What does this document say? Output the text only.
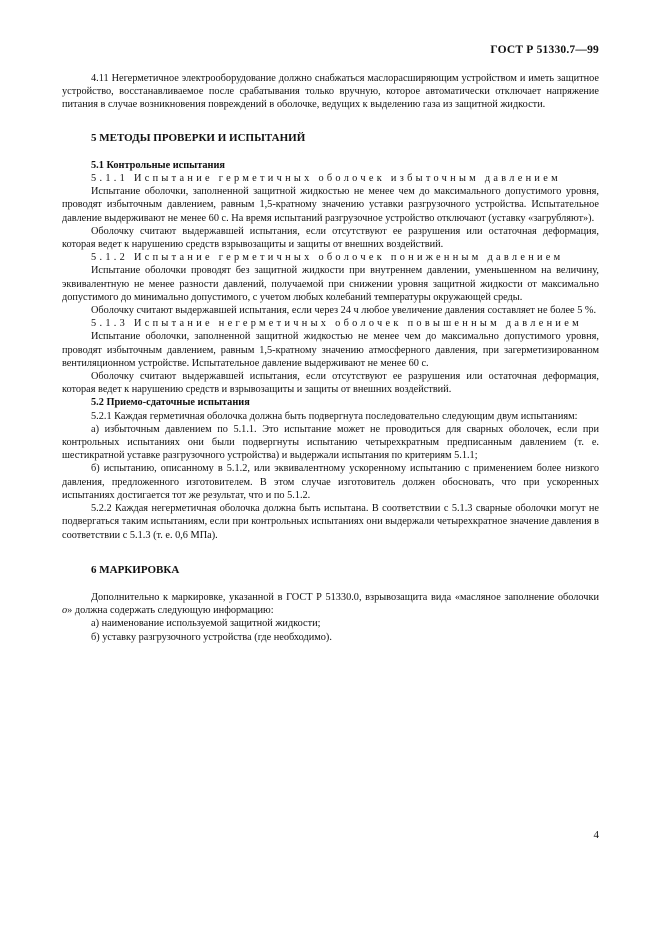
ГОСТ Р 51330.7—99

4.11 Негерметичное электрооборудование должно снабжаться маслорасширяющим устройством и иметь защитное устройство, восстанавливаемое после срабатывания только вручную, которое автоматически отключает напряжение питания в случае возникновения повреждений в оболочке, ведущих к выделению газа из защитной жидкости.

5 МЕТОДЫ ПРОВЕРКИ И ИСПЫТАНИЙ
5.1 Контрольные испытания

5.1.1 Испытание герметичных оболочек избыточным давлением

Испытание оболочки, заполненной защитной жидкостью не менее чем до максимального допустимого уровня, проводят избыточным давлением, равным 1,5-кратному значению уставки разгрузочного устройства. Испытательное давление выдерживают не менее 60 с. На время испытаний разгрузочное устройство отключают (уставку «загрубляют»).

Оболочку считают выдержавшей испытания, если отсутствуют ее разрушения или остаточная деформация, которая ведет к нарушению средств взрывозащиты и защиты от внешних воздействий.

5.1.2 Испытание герметичных оболочек пониженным давлением

Испытание оболочки проводят без защитной жидкости при внутреннем давлении, уменьшенном на величину, эквивалентную не менее разности давлений, получаемой при снижении уровня защитной жидкости от максимально допустимого до минимально допустимого, с учетом любых колебаний температуры окружающей среды.

Оболочку считают выдержавшей испытания, если через 24 ч любое увеличение давления составляет не более 5 %.

5.1.3 Испытание негерметичных оболочек повышенным давлением

Испытание оболочки, заполненной защитной жидкостью не менее чем до максимально допустимого уровня, проводят избыточным давлением, равным 1,5-кратному значению атмосферного давления, при загерметизированном вентиляционном устройстве. Испытательное давление выдерживают не менее 60 с.

Оболочку считают выдержавшей испытания, если отсутствуют ее разрушения или остаточная деформация, которая ведет к нарушению средств и взрывозащиты и защиты от внешних воздействий.

5.2 Приемо-сдаточные испытания

5.2.1 Каждая герметичная оболочка должна быть подвергнута последовательно следующим двум испытаниям:

а) избыточным давлением по 5.1.1. Это испытание может не проводиться для сварных оболочек, если при контрольных испытаниях они были подвергнуты испытанию четырехкратным предписанным давлением (т. е. шестикратной уставке разгрузочного устройства) и выдержали испытания по критериям 5.1.1;

б) испытанию, описанному в 5.1.2, или эквивалентному ускоренному испытанию с применением более низкого давления, предложенного изготовителем. В этом случае изготовитель должен обосновать, что при ускоренных испытаниях достигается тот же результат, что и по 5.1.2.

5.2.2 Каждая негерметичная оболочка должна быть испытана. В соответствии с 5.1.3 сварные оболочки могут не подвергаться таким испытаниям, если при контрольных испытаниях они выдержали четырехкратное значение давления в соответствии с 5.1.3 (т. е. 0,6 МПа).

6 МАРКИРОВКА

Дополнительно к маркировке, указанной в ГОСТ Р 51330.0, взрывозащита вида «масляное заполнение оболочки о» должна содержать следующую информацию:

а) наименование используемой защитной жидкости;

б) уставку разгрузочного устройства (где необходимо).

4
